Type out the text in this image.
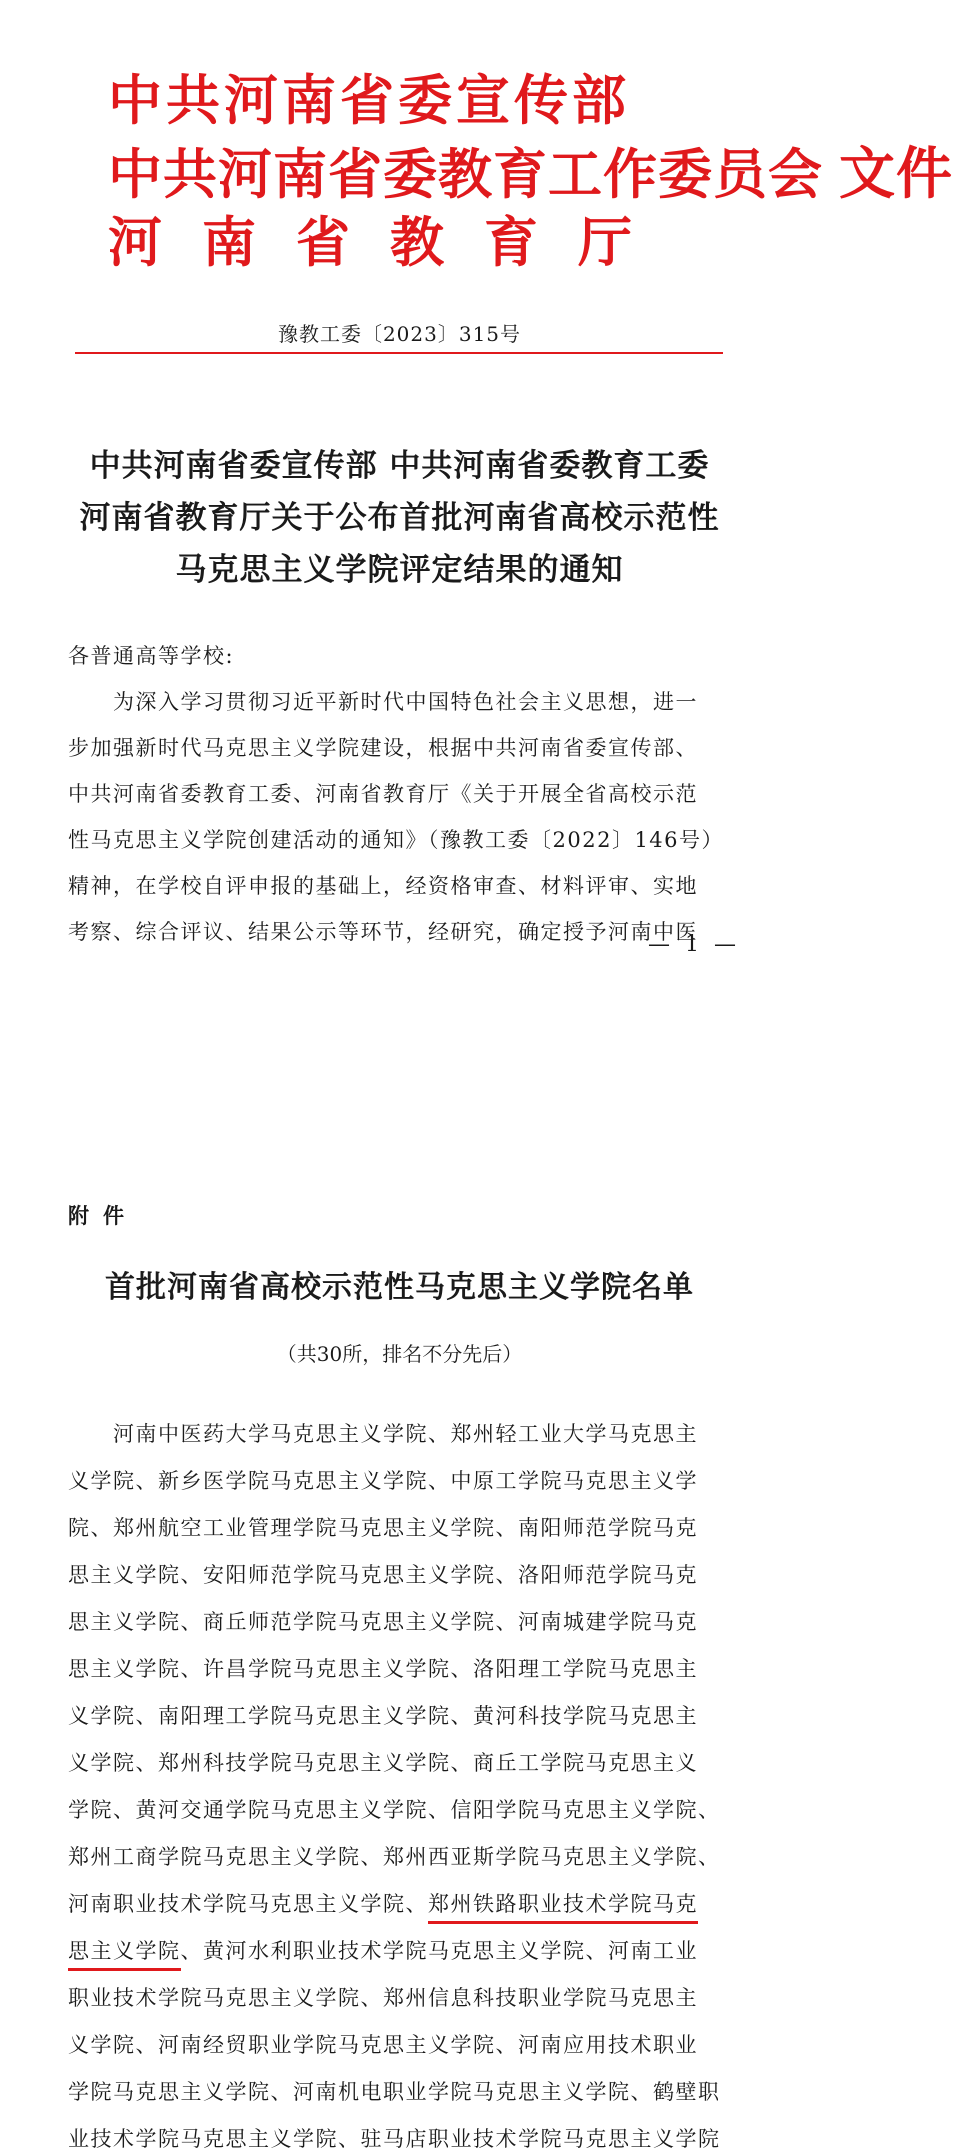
中共河南省委宣传部
中共河南省委教育工作委员会 文件
河南省教育厅
豫教工委〔2023〕315号
中共河南省委宣传部 中共河南省委教育工委
河南省教育厅关于公布首批河南省高校示范性
马克思主义学院评定结果的通知
各普通高等学校:
　　为深入学习贯彻习近平新时代中国特色社会主义思想，进一
步加强新时代马克思主义学院建设，根据中共河南省委宣传部、
中共河南省委教育工委、河南省教育厅《关于开展全省高校示范
性马克思主义学院创建活动的通知》（豫教工委〔2022〕146号）
精神，在学校自评申报的基础上，经资格审查、材料评审、实地
考察、综合评议、结果公示等环节，经研究，确定授予河南中医
— 1 —
附件
首批河南省高校示范性马克思主义学院名单
（共30所，排名不分先后）
　　河南中医药大学马克思主义学院、郑州轻工业大学马克思主
义学院、新乡医学院马克思主义学院、中原工学院马克思主义学
院、郑州航空工业管理学院马克思主义学院、南阳师范学院马克
思主义学院、安阳师范学院马克思主义学院、洛阳师范学院马克
思主义学院、商丘师范学院马克思主义学院、河南城建学院马克
思主义学院、许昌学院马克思主义学院、洛阳理工学院马克思主
义学院、南阳理工学院马克思主义学院、黄河科技学院马克思主
义学院、郑州科技学院马克思主义学院、商丘工学院马克思主义
学院、黄河交通学院马克思主义学院、信阳学院马克思主义学院、
郑州工商学院马克思主义学院、郑州西亚斯学院马克思主义学院、
河南职业技术学院马克思主义学院、郑州铁路职业技术学院马克
思主义学院、黄河水利职业技术学院马克思主义学院、河南工业
职业技术学院马克思主义学院、郑州信息科技职业学院马克思主
义学院、河南经贸职业学院马克思主义学院、河南应用技术职业
学院马克思主义学院、河南机电职业学院马克思主义学院、鹤壁职
业技术学院马克思主义学院、驻马店职业技术学院马克思主义学院
